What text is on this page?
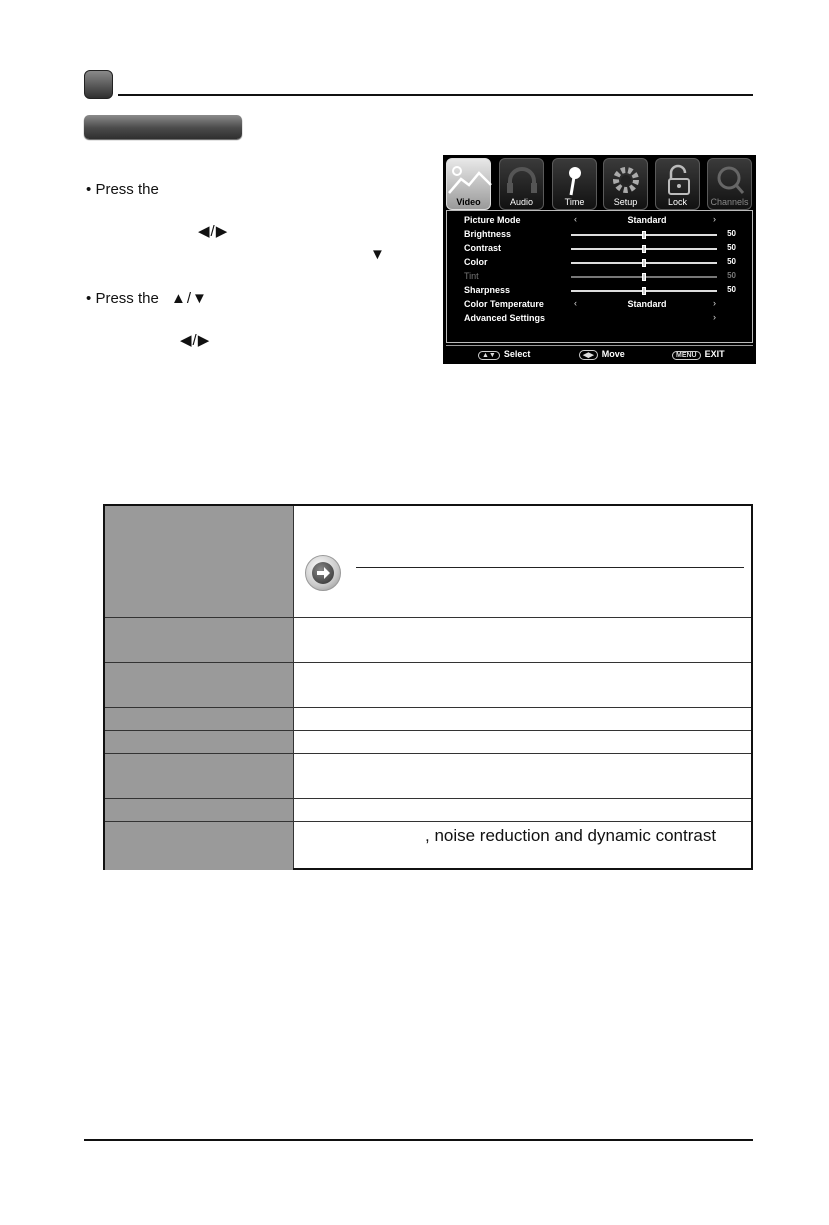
• Press the
◀/▶
▼
• Press the ▲/▼
◀/▶
Video	Audio	Time	Setup	Lock	Channels
Picture Mode	‹	Standard	›
Brightness	50
Contrast	50
Color	50
Tint	50
Sharpness	50
Color Temperature	‹	Standard	›
Advanced Settings	›
▲▼ Select	◀▶ Move	MENU EXIT
, noise reduction and dynamic contrast
